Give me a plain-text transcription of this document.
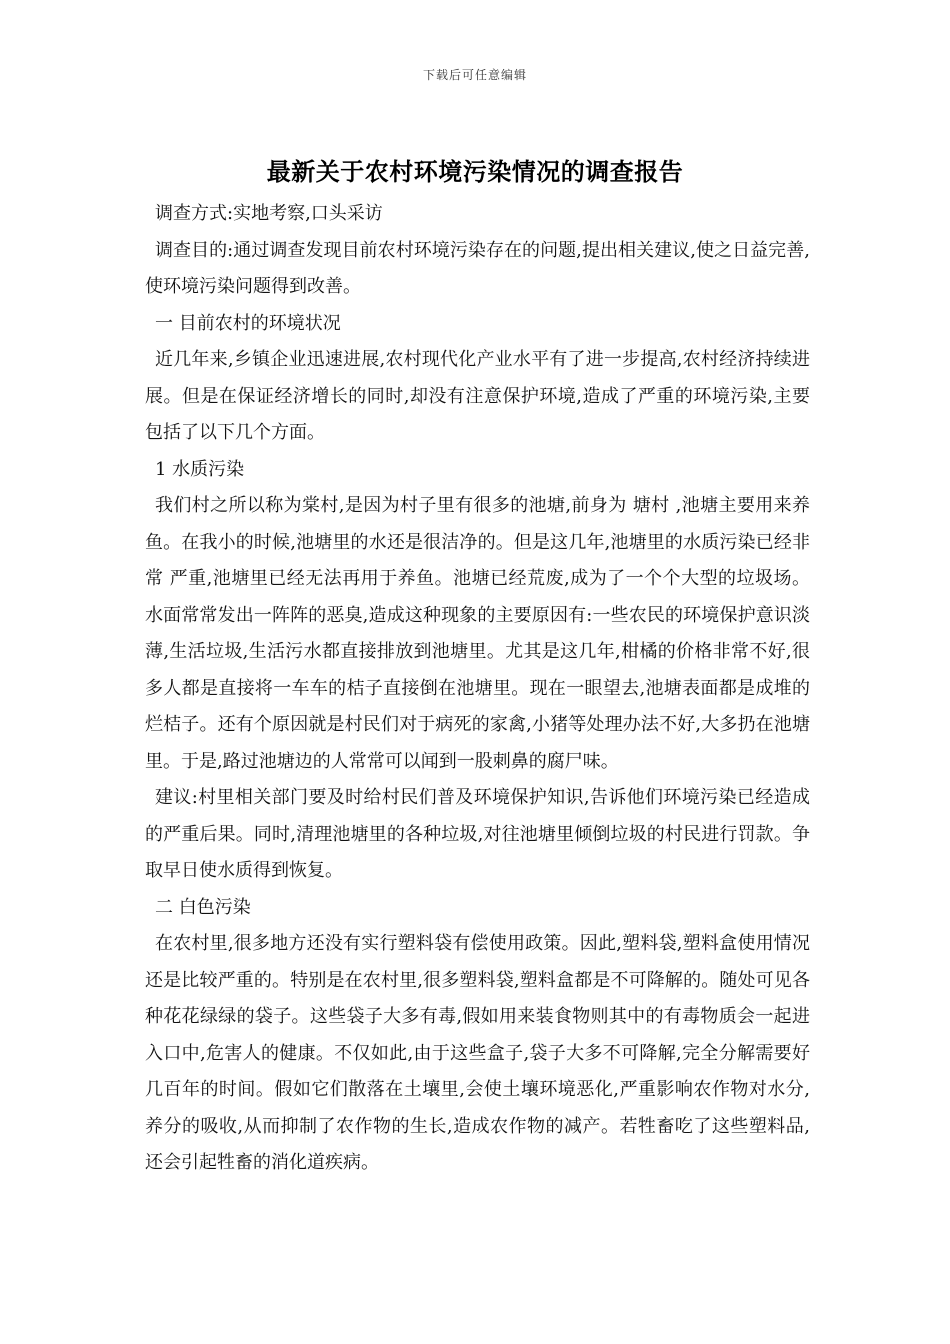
下载后可任意编辑
最新关于农村环境污染情况的调查报告

调查方式:实地考察,口头采访

调查目的:通过调查发现目前农村环境污染存在的问题,提出相关建议,使之日益完善,使环境污染问题得到改善。

一 目前农村的环境状况

近几年来,乡镇企业迅速进展,农村现代化产业水平有了进一步提高,农村经济持续进展。但是在保证经济增长的同时,却没有注意保护环境,造成了严重的环境污染,主要包括了以下几个方面。

1 水质污染

我们村之所以称为棠村,是因为村子里有很多的池塘,前身为 塘村 ,池塘主要用来养鱼。在我小的时候,池塘里的水还是很洁净的。但是这几年,池塘里的水质污染已经非常 严重,池塘里已经无法再用于养鱼。池塘已经荒废,成为了一个个大型的垃圾场。水面常常发出一阵阵的恶臭,造成这种现象的主要原因有:一些农民的环境保护意识淡薄,生活垃圾,生活污水都直接排放到池塘里。尤其是这几年,柑橘的价格非常不好,很多人都是直接将一车车的桔子直接倒在池塘里。现在一眼望去,池塘表面都是成堆的烂桔子。还有个原因就是村民们对于病死的家禽,小猪等处理办法不好,大多扔在池塘里。于是,路过池塘边的人常常可以闻到一股刺鼻的腐尸味。

建议:村里相关部门要及时给村民们普及环境保护知识,告诉他们环境污染已经造成的严重后果。同时,清理池塘里的各种垃圾,对往池塘里倾倒垃圾的村民进行罚款。争取早日使水质得到恢复。

二 白色污染

在农村里,很多地方还没有实行塑料袋有偿使用政策。因此,塑料袋,塑料盒使用情况还是比较严重的。特别是在农村里,很多塑料袋,塑料盒都是不可降解的。随处可见各种花花绿绿的袋子。这些袋子大多有毒,假如用来装食物则其中的有毒物质会一起进入口中,危害人的健康。不仅如此,由于这些盒子,袋子大多不可降解,完全分解需要好几百年的时间。假如它们散落在土壤里,会使土壤环境恶化,严重影响农作物对水分,养分的吸收,从而抑制了农作物的生长,造成农作物的减产。若牲畜吃了这些塑料品,还会引起牲畜的消化道疾病。
